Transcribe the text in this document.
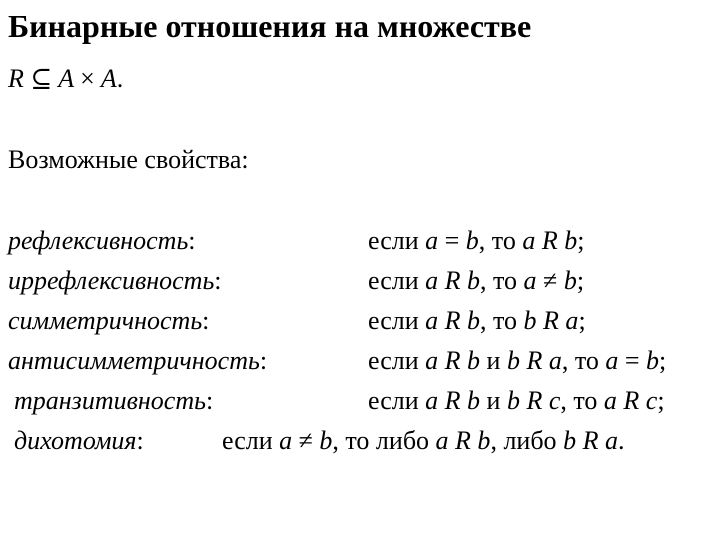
Бинарные отношения на множестве
R ⊆ A × A.
Возможные свойства:
рефлексивность:	если a = b, то a R b;
иррефлексивность:	если a R b, то a ≠ b;
симметричность:	если a R b, то b R a;
антисимметричность:	если a R b и b R a, то a = b;
транзитивность:	если a R b и b R c, то a R c;
дихотомия:	если a ≠ b, то либо a R b, либо b R a.
